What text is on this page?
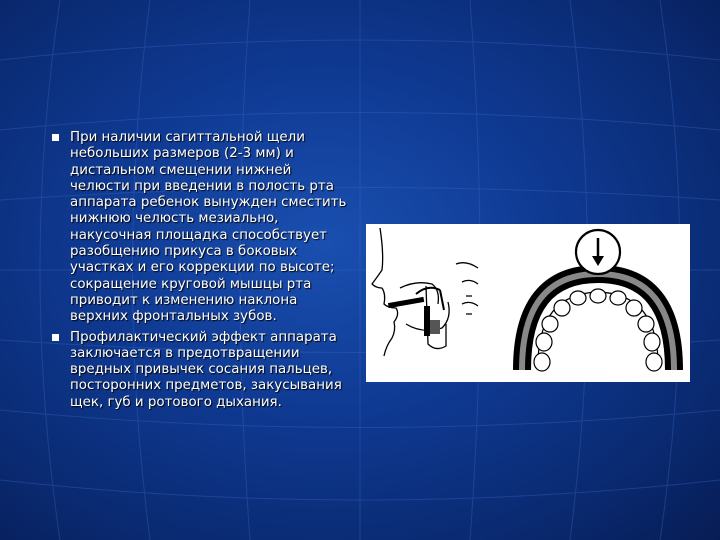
При наличии сагиттальной щели небольших размеров (2-3 мм) и дистальном смещении нижней челюсти при введении в полость рта аппарата ребенок вынужден сместить нижнюю челюсть мезиально, накусочная площадка способствует разобщению прикуса в боковых участках и его коррекции по высоте; сокращение круговой мышцы рта приводит к изменению наклона верхних фронтальных зубов.
Профилактический эффект аппарата заключается в предотвращении вредных привычек сосания пальцев, посторонних предметов, закусывания щек, губ и ротового дыхания.
